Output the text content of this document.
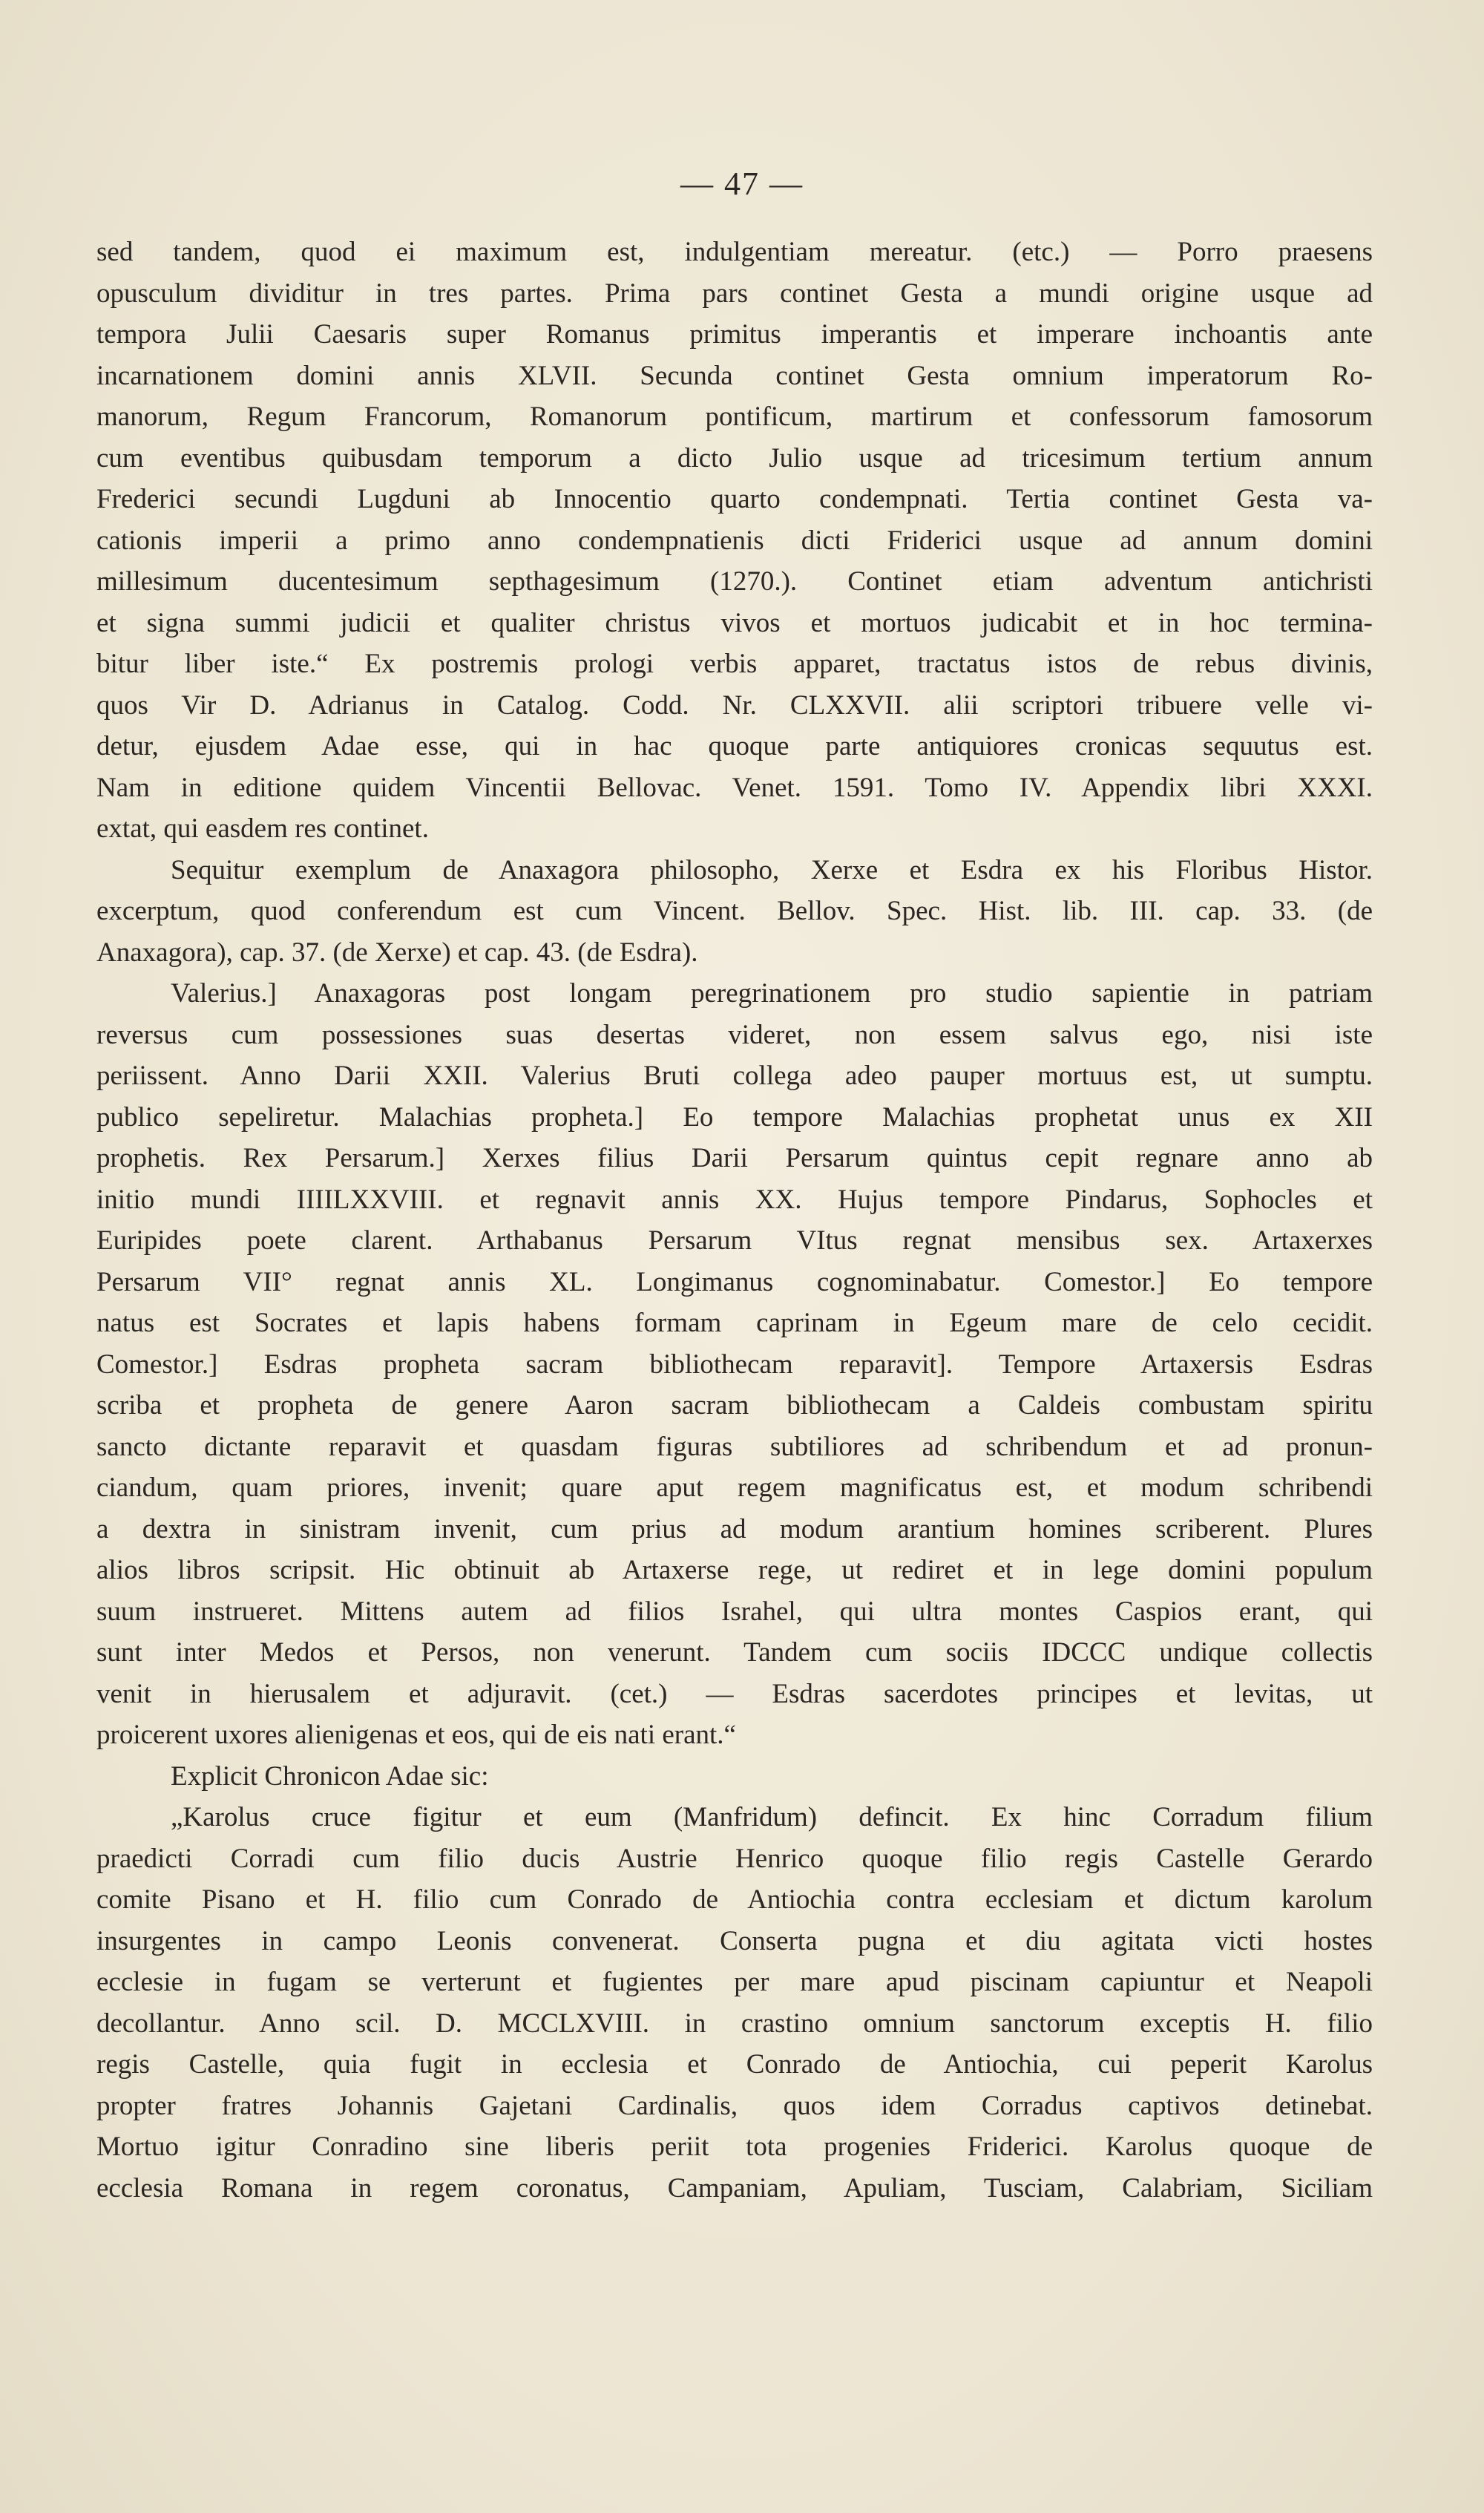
— 47 —
sed tandem, quod ei maximum est, indulgentiam mereatur. (etc.) — Porro praesens
opusculum dividitur in tres partes. Prima pars continet Gesta a mundi origine usque ad
tempora Julii Caesaris super Romanus primitus imperantis et imperare inchoantis ante
incarnationem domini annis XLVII. Secunda continet Gesta omnium imperatorum Ro-
manorum, Regum Francorum, Romanorum pontificum, martirum et confessorum famosorum
cum eventibus quibusdam temporum a dicto Julio usque ad tricesimum tertium annum
Frederici secundi Lugduni ab Innocentio quarto condempnati. Tertia continet Gesta va-
cationis imperii a primo anno condempnatienis dicti Friderici usque ad annum domini
millesimum ducentesimum septhagesimum (1270.). Continet etiam adventum antichristi
et signa summi judicii et qualiter christus vivos et mortuos judicabit et in hoc termina-
bitur liber iste.“ Ex postremis prologi verbis apparet, tractatus istos de rebus divinis,
quos Vir D. Adrianus in Catalog. Codd. Nr. CLXXVII. alii scriptori tribuere velle vi-
detur, ejusdem Adae esse, qui in hac quoque parte antiquiores cronicas sequutus est.
Nam in editione quidem Vincentii Bellovac. Venet. 1591. Tomo IV. Appendix libri XXXI.
extat, qui easdem res continet.
Sequitur exemplum de Anaxagora philosopho, Xerxe et Esdra ex his Floribus Histor.
excerptum, quod conferendum est cum Vincent. Bellov. Spec. Hist. lib. III. cap. 33. (de
Anaxagora), cap. 37. (de Xerxe) et cap. 43. (de Esdra).
Valerius.] Anaxagoras post longam peregrinationem pro studio sapientie in patriam
reversus cum possessiones suas desertas videret, non essem salvus ego, nisi iste
periissent. Anno Darii XXII. Valerius Bruti collega adeo pauper mortuus est, ut sumptu.
publico sepeliretur. Malachias propheta.] Eo tempore Malachias prophetat unus ex XII
prophetis. Rex Persarum.] Xerxes filius Darii Persarum quintus cepit regnare anno ab
initio mundi IIIILXXVIII. et regnavit annis XX. Hujus tempore Pindarus, Sophocles et
Euripides poete clarent. Arthabanus Persarum VItus regnat mensibus sex. Artaxerxes
Persarum VII° regnat annis XL. Longimanus cognominabatur. Comestor.] Eo tempore
natus est Socrates et lapis habens formam caprinam in Egeum mare de celo cecidit.
Comestor.] Esdras propheta sacram bibliothecam reparavit]. Tempore Artaxersis Esdras
scriba et propheta de genere Aaron sacram bibliothecam a Caldeis combustam spiritu
sancto dictante reparavit et quasdam figuras subtiliores ad schribendum et ad pronun-
ciandum, quam priores, invenit; quare aput regem magnificatus est, et modum schribendi
a dextra in sinistram invenit, cum prius ad modum arantium homines scriberent. Plures
alios libros scripsit. Hic obtinuit ab Artaxerse rege, ut rediret et in lege domini populum
suum instrueret. Mittens autem ad filios Israhel, qui ultra montes Caspios erant, qui
sunt inter Medos et Persos, non venerunt. Tandem cum sociis IDCCC undique collectis
venit in hierusalem et adjuravit. (cet.) — Esdras sacerdotes principes et levitas, ut
proicerent uxores alienigenas et eos, qui de eis nati erant.“
Explicit Chronicon Adae sic:
„Karolus cruce figitur et eum (Manfridum) defincit. Ex hinc Corradum filium
praedicti Corradi cum filio ducis Austrie Henrico quoque filio regis Castelle Gerardo
comite Pisano et H. filio cum Conrado de Antiochia contra ecclesiam et dictum karolum
insurgentes in campo Leonis convenerat. Conserta pugna et diu agitata victi hostes
ecclesie in fugam se verterunt et fugientes per mare apud piscinam capiuntur et Neapoli
decollantur. Anno scil. D. MCCLXVIII. in crastino omnium sanctorum exceptis H. filio
regis Castelle, quia fugit in ecclesia et Conrado de Antiochia, cui peperit Karolus
propter fratres Johannis Gajetani Cardinalis, quos idem Corradus captivos detinebat.
Mortuo igitur Conradino sine liberis periit tota progenies Friderici. Karolus quoque de
ecclesia Romana in regem coronatus, Campaniam, Apuliam, Tusciam, Calabriam, Siciliam
